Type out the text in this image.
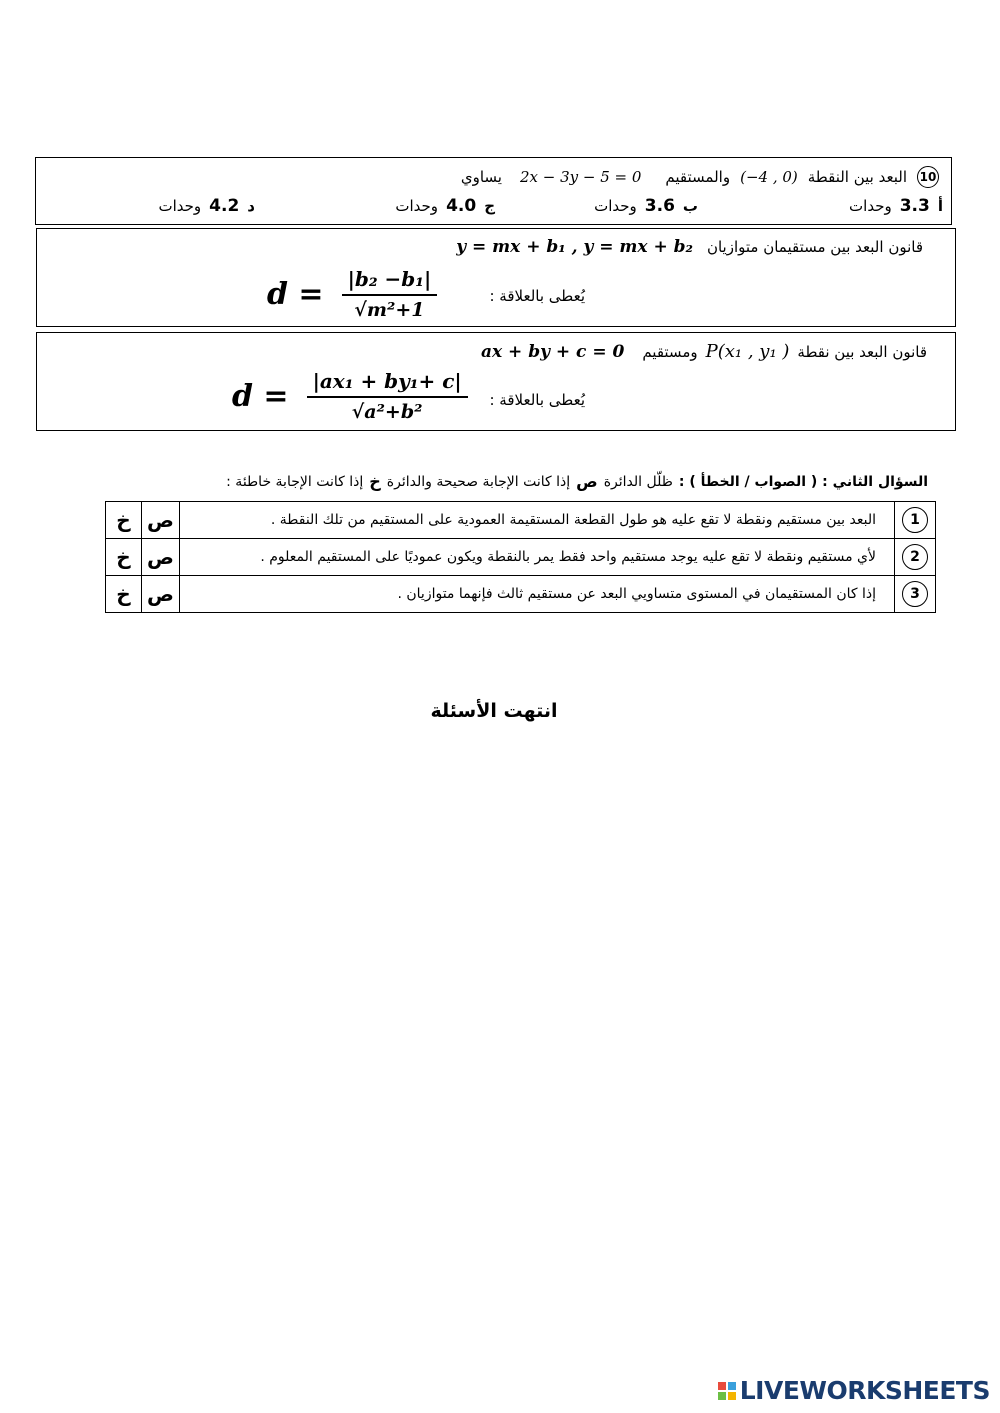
10
البعد بين النقطة
(−4 , 0)
والمستقيم
2x − 3y − 5 = 0
يساوي
أ
3.3
وحدات
ب
3.6
وحدات
ج
4.0
وحدات
د
4.2
وحدات
قانون البعد بين مستقيمان متوازيان
y = mx + b₁ , y = mx + b₂
يُعطى بالعلاقة :
$d = \frac{\text{|b₂ −b₁|}}{\text{√m²+1}}$
قانون البعد بين نقطة
P(x₁ , y₁ )
ومستقيم
ax + by + c = 0
يُعطى بالعلاقة :
$d = \frac{\text{|ax₁ + by₁+ c|}}{\text{√a²+b²}}$
السؤال الثاني : ( الصواب / الخطأ ) :
ظلّل الدائرة
ص
إذا كانت الإجابة صحيحة والدائرة
خ
إذا كانت الإجابة خاطئة :
خ	ص	البعد بين مستقيم ونقطة لا تقع عليه هو طول القطعة المستقيمة العمودية على المستقيم من تلك النقطة .	1
خ	ص	لأي مستقيم ونقطة لا تقع عليه يوجد مستقيم واحد فقط يمر بالنقطة ويكون عموديًا على المستقيم المعلوم .	2
خ	ص	إذا كان المستقيمان في المستوى متساويي البعد عن مستقيم ثالث فإنهما متوازيان .	3
انتهت الأسئلة
LIVEWORKSHEETS
